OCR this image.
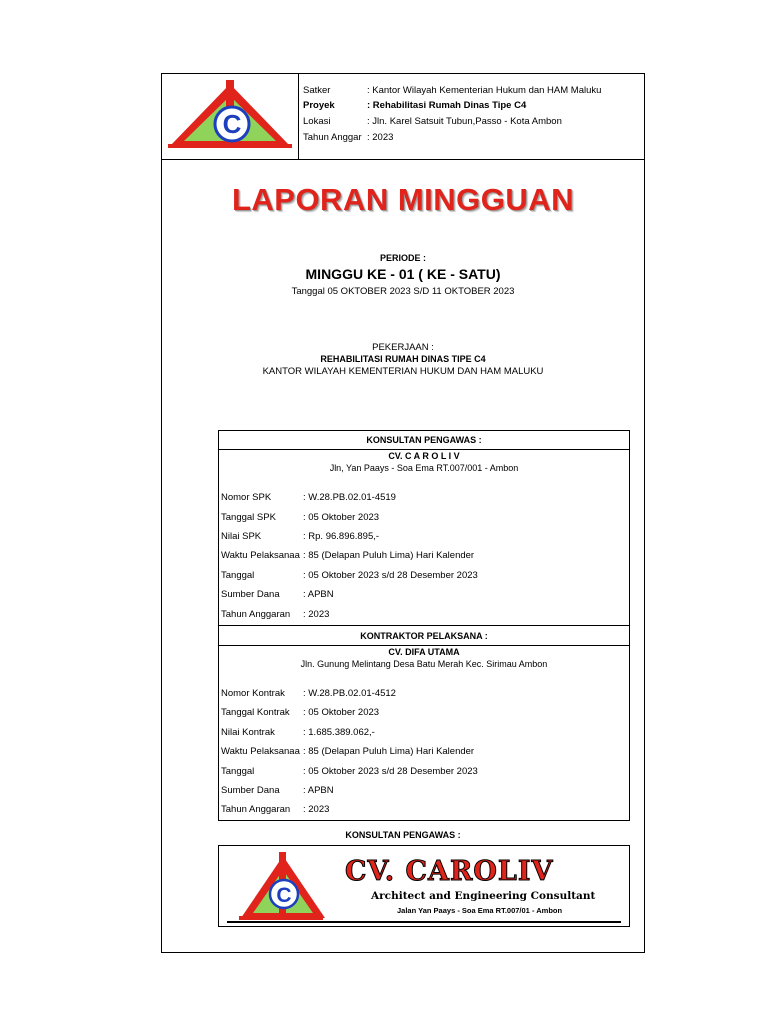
C
Satker	: Kantor Wilayah Kementerian Hukum dan HAM Maluku
Proyek	: Rehabilitasi Rumah Dinas Tipe C4
Lokasi	: Jln. Karel Satsuit Tubun,Passo - Kota Ambon
Tahun Anggar : 2023
LAPORAN MINGGUAN
PERIODE :
MINGGU KE - 01 ( KE - SATU)
Tanggal 05 OKTOBER 2023 S/D 11 OKTOBER 2023
PEKERJAAN :
REHABILITASI RUMAH DINAS TIPE C4
KANTOR WILAYAH KEMENTERIAN HUKUM DAN HAM MALUKU
KONSULTAN PENGAWAS :
CV. C A R O L I V
Jln, Yan Paays - Soa Ema RT.007/001 - Ambon
Nomor SPK	: W.28.PB.02.01-4519
Tanggal SPK	: 05 Oktober 2023
Nilai SPK	: Rp. 96.896.895,-
Waktu Pelaksanaa : 85 (Delapan Puluh Lima) Hari Kalender
Tanggal	: 05 Oktober 2023 s/d 28 Desember 2023
Sumber Dana : APBN
Tahun Anggaran : 2023
KONTRAKTOR PELAKSANA :
CV. DIFA UTAMA
Jln. Gunung Melintang Desa Batu Merah Kec. Sirimau Ambon
Nomor Kontrak : W.28.PB.02.01-4512
Tanggal Kontrak : 05 Oktober 2023
Nilai Kontrak	: 1.685.389.062,-
Waktu Pelaksanaa : 85 (Delapan Puluh Lima) Hari Kalender
Tanggal	: 05 Oktober 2023 s/d 28 Desember 2023
Sumber Dana : APBN
Tahun Anggaran : 2023
KONSULTAN PENGAWAS :
C
CV. CAROLIV
Architect and Engineering Consultant
Jalan Yan Paays - Soa Ema RT.007/01 - Ambon
